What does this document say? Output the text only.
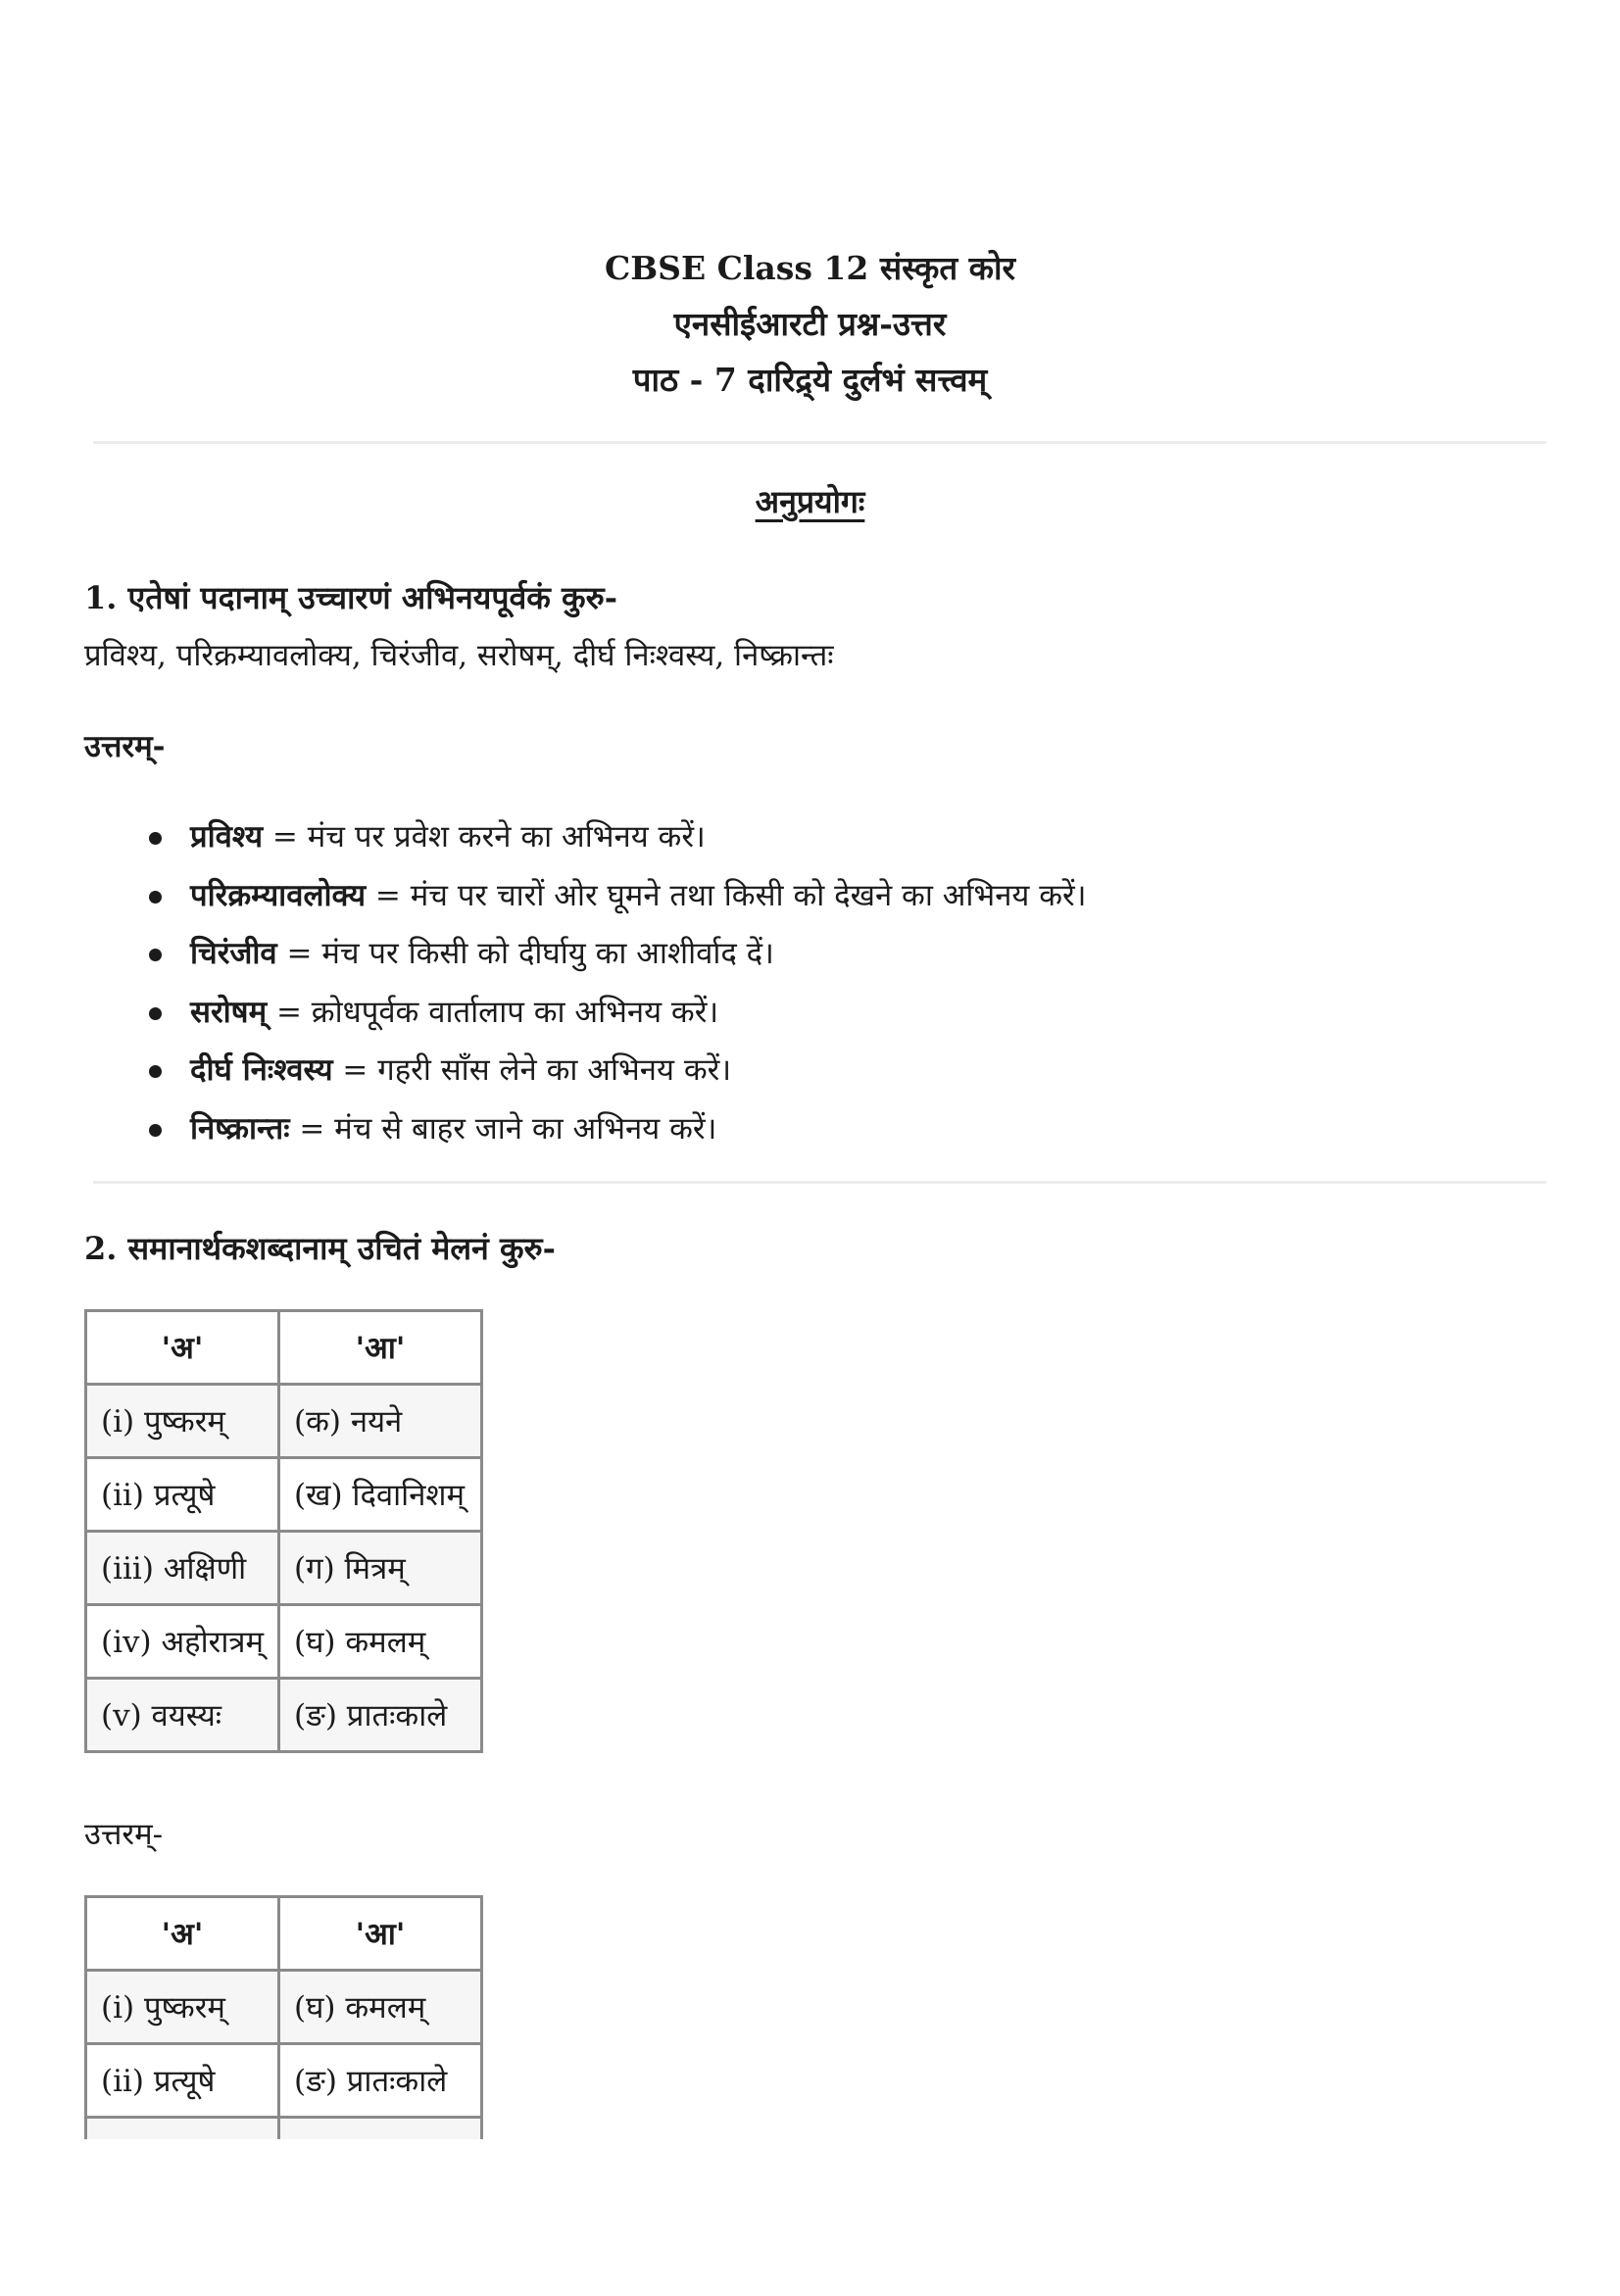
CBSE Class 12 संस्कृत कोर
एनसीईआरटी प्रश्न-उत्तर
पाठ - 7 दारिद्र्ये दुर्लभं सत्त्वम्
अनुप्रयोगः
1. एतेषां पदानाम् उच्चारणं अभिनयपूर्वकं कुरु-
प्रविश्य, परिक्रम्यावलोक्य, चिरंजीव, सरोषम्, दीर्घ निःश्वस्य, निष्क्रान्तः
उत्तरम्-
प्रविश्य = मंच पर प्रवेश करने का अभिनय करें।
परिक्रम्यावलोक्य = मंच पर चारों ओर घूमने तथा किसी को देखने का अभिनय करें।
चिरंजीव = मंच पर किसी को दीर्घायु का आशीर्वाद दें।
सरोषम् = क्रोधपूर्वक वार्तालाप का अभिनय करें।
दीर्घ निःश्वस्य = गहरी साँस लेने का अभिनय करें।
निष्क्रान्तः = मंच से बाहर जाने का अभिनय करें।
2. समानार्थकशब्दानाम् उचितं मेलनं कुरु-
'अ'	'आ'
(i) पुष्करम्	(क) नयने
(ii) प्रत्यूषे	(ख) दिवानिशम्
(iii) अक्षिणी	(ग) मित्रम्
(iv) अहोरात्रम्	(घ) कमलम्
(v) वयस्यः	(ङ) प्रातःकाले
उत्तरम्-
'अ'	'आ'
(i) पुष्करम्	(घ) कमलम्
(ii) प्रत्यूषे	(ङ) प्रातःकाले
